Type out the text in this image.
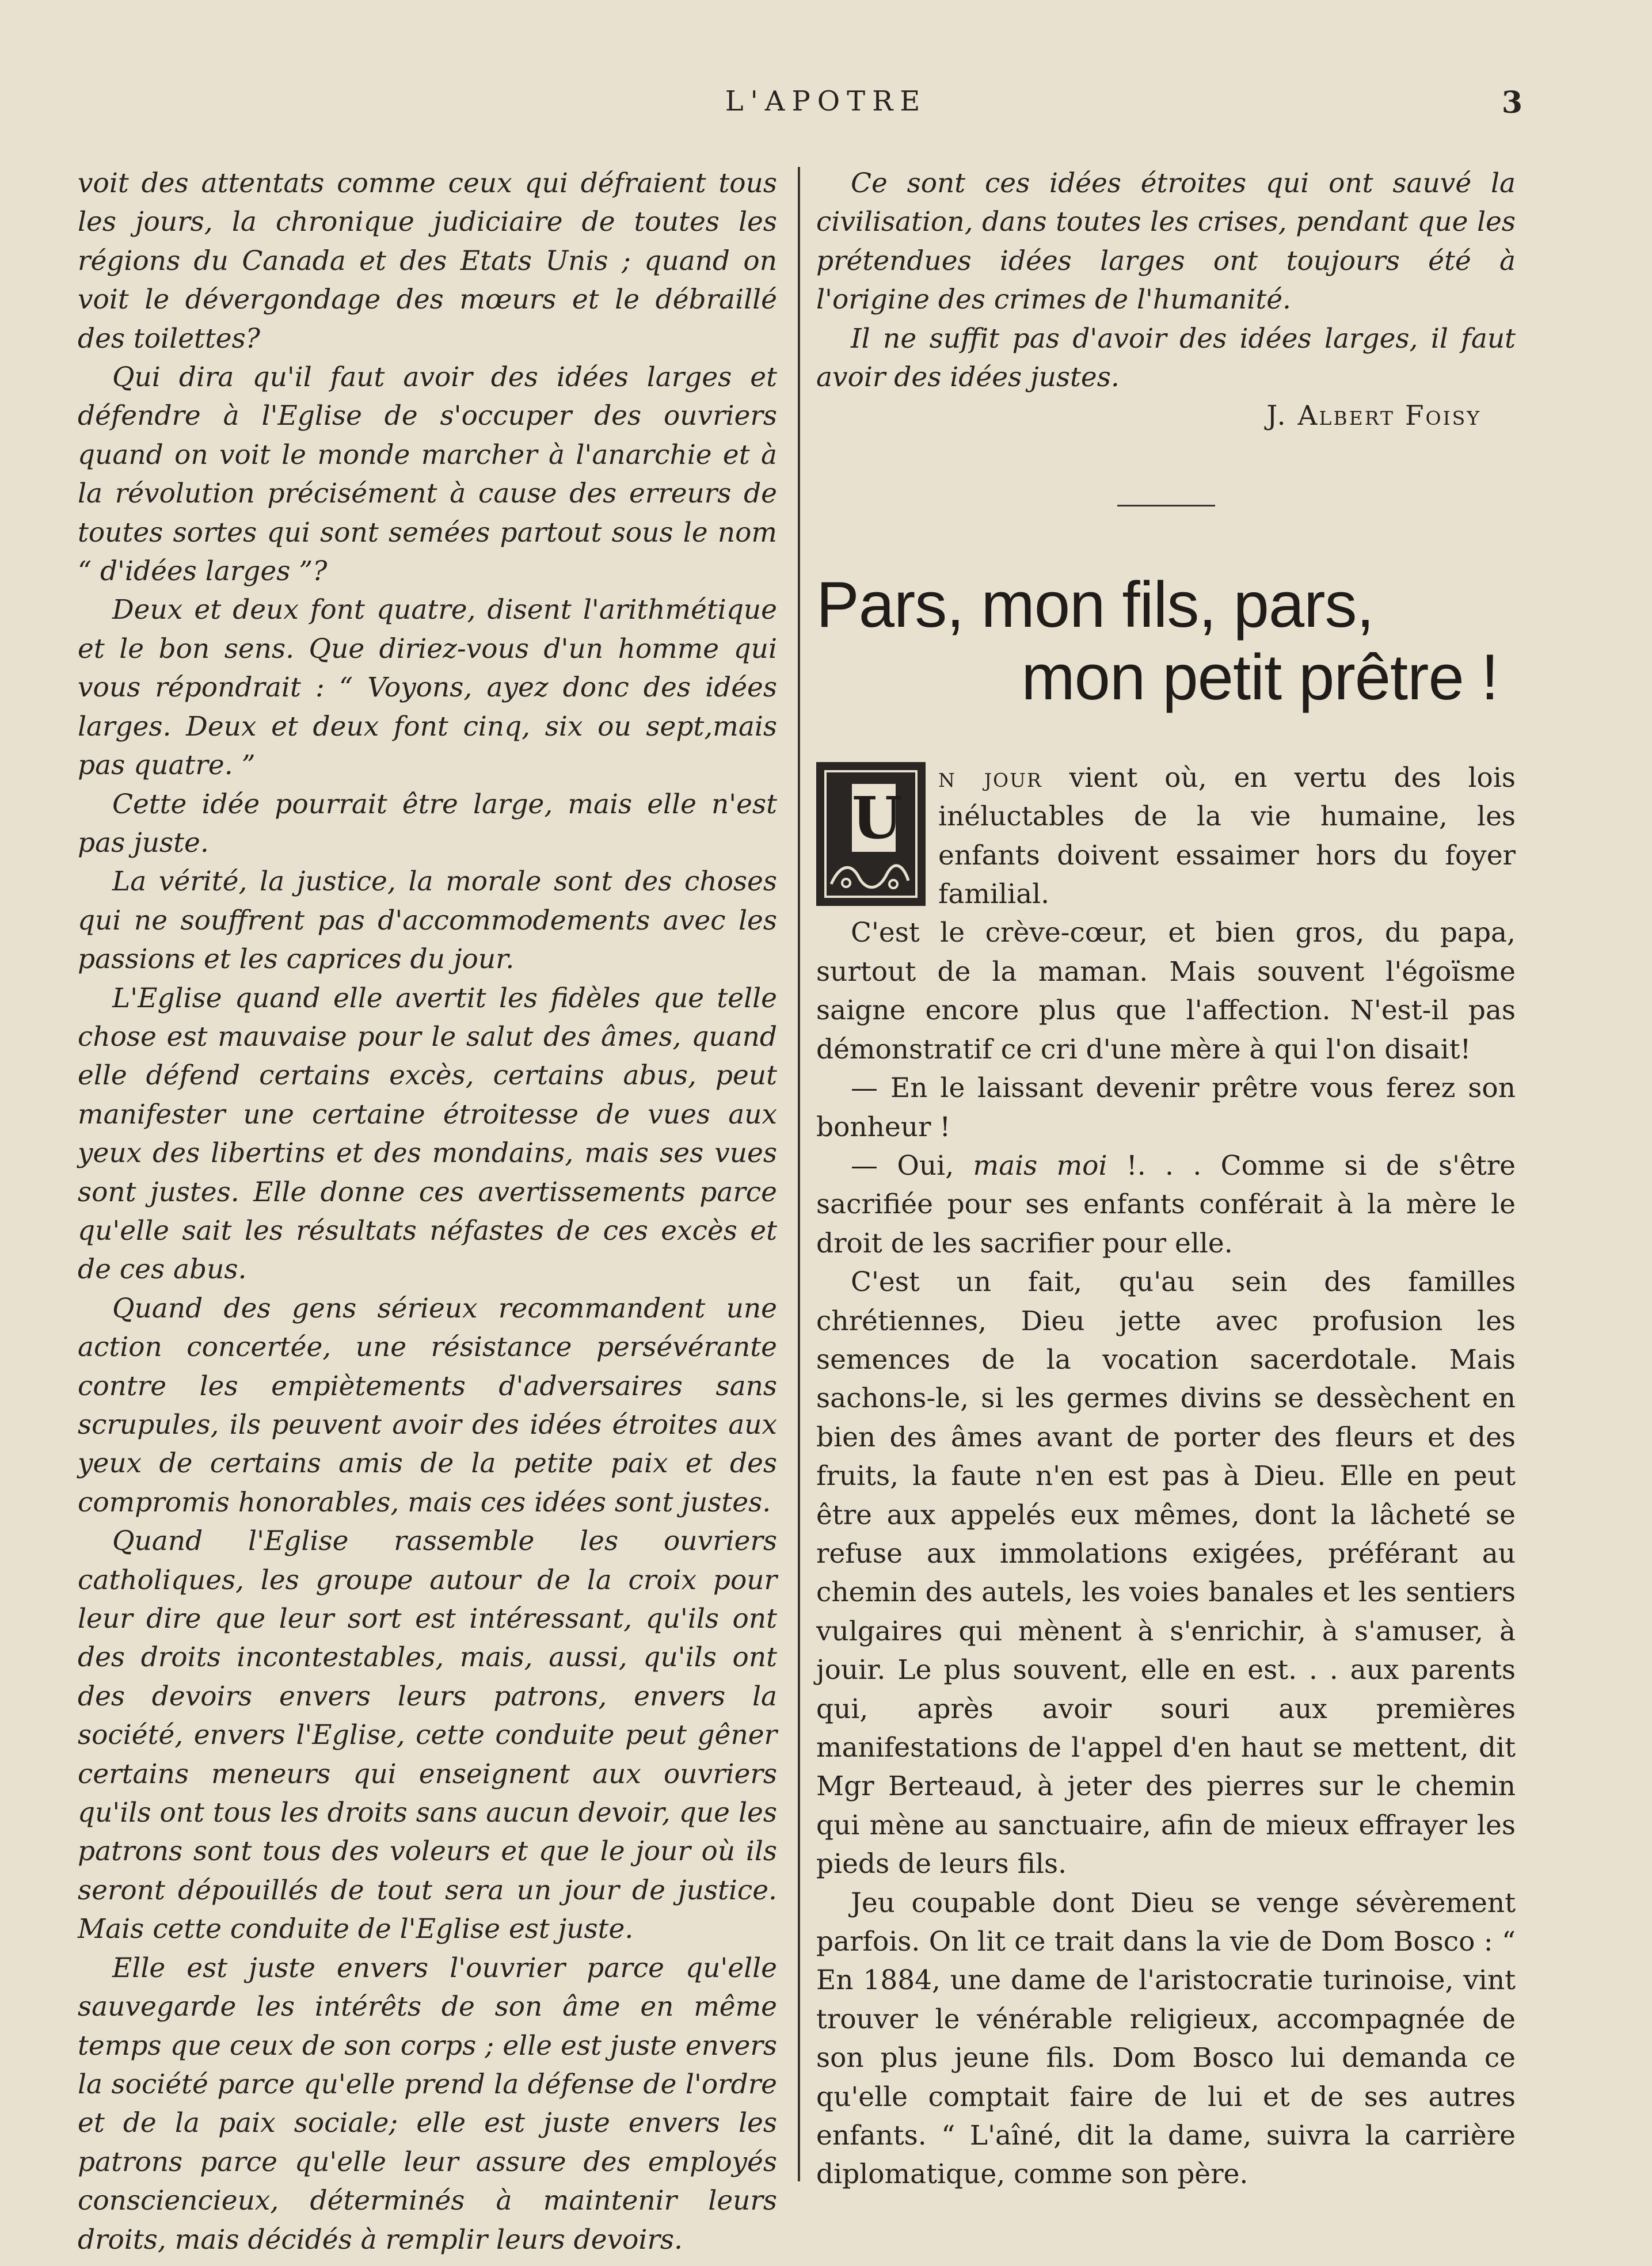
L'APOTRE	3

voit des attentats comme ceux qui défraient tous les jours, la chronique judiciaire de toutes les régions du Canada et des Etats Unis ; quand on voit le dévergondage des mœurs et le débraillé des toilettes?

Qui dira qu'il faut avoir des idées larges et défendre à l'Eglise de s'occuper des ouvriers quand on voit le monde marcher à l'anarchie et à la révolution précisément à cause des erreurs de toutes sortes qui sont semées partout sous le nom “ d'idées larges ”?

Deux et deux font quatre, disent l'arithmétique et le bon sens. Que diriez-vous d'un homme qui vous répondrait : “ Voyons, ayez donc des idées larges. Deux et deux font cinq, six ou sept,mais pas quatre. ”

Cette idée pourrait être large, mais elle n'est pas juste.

La vérité, la justice, la morale sont des choses qui ne souffrent pas d'accommodements avec les passions et les caprices du jour.

L'Eglise quand elle avertit les fidèles que telle chose est mauvaise pour le salut des âmes, quand elle défend certains excès, certains abus, peut manifester une certaine étroitesse de vues aux yeux des libertins et des mondains, mais ses vues sont justes. Elle donne ces avertissements parce qu'elle sait les résultats néfastes de ces excès et de ces abus.

Quand des gens sérieux recommandent une action concertée, une résistance persévérante contre les empiètements d'adversaires sans scrupules, ils peuvent avoir des idées étroites aux yeux de certains amis de la petite paix et des compromis honorables, mais ces idées sont justes.

Quand l'Eglise rassemble les ouvriers catholiques, les groupe autour de la croix pour leur dire que leur sort est intéressant, qu'ils ont des droits incontestables, mais, aussi, qu'ils ont des devoirs envers leurs patrons, envers la société, envers l'Eglise, cette conduite peut gêner certains meneurs qui enseignent aux ouvriers qu'ils ont tous les droits sans aucun devoir, que les patrons sont tous des voleurs et que le jour où ils seront dépouillés de tout sera un jour de justice. Mais cette conduite de l'Eglise est juste.

Elle est juste envers l'ouvrier parce qu'elle sauvegarde les intérêts de son âme en même temps que ceux de son corps ; elle est juste envers la société parce qu'elle prend la défense de l'ordre et de la paix sociale; elle est juste envers les patrons parce qu'elle leur assure des employés consciencieux, déterminés à maintenir leurs droits, mais décidés à remplir leurs devoirs.

Ce sont ces idées étroites qui ont sauvé la civilisation, dans toutes les crises, pendant que les prétendues idées larges ont toujours été à l'origine des crimes de l'humanité.

Il ne suffit pas d'avoir des idées larges, il faut avoir des idées justes.

J. Albert Foisy

Pars, mon fils, pars,
mon petit prêtre !
U

n jour vient où, en vertu des lois inéluctables de la vie humaine, les enfants doivent essaimer hors du foyer familial.

C'est le crève-cœur, et bien gros, du papa, surtout de la maman. Mais souvent l'égoïsme saigne encore plus que l'affection. N'est-il pas démonstratif ce cri d'une mère à qui l'on disait!

— En le laissant devenir prêtre vous ferez son bonheur !

— Oui, mais moi !. . . Comme si de s'être sacrifiée pour ses enfants conférait à la mère le droit de les sacrifier pour elle.

C'est un fait, qu'au sein des familles chrétiennes, Dieu jette avec profusion les semences de la vocation sacerdotale. Mais sachons-le, si les germes divins se dessèchent en bien des âmes avant de porter des fleurs et des fruits, la faute n'en est pas à Dieu. Elle en peut être aux appelés eux mêmes, dont la lâcheté se refuse aux immolations exigées, préférant au chemin des autels, les voies banales et les sentiers vulgaires qui mènent à s'enrichir, à s'amuser, à jouir. Le plus souvent, elle en est. . . aux parents qui, après avoir souri aux premières manifestations de l'appel d'en haut se mettent, dit Mgr Berteaud, à jeter des pierres sur le chemin qui mène au sanctuaire, afin de mieux effrayer les pieds de leurs fils.

Jeu coupable dont Dieu se venge sévèrement parfois. On lit ce trait dans la vie de Dom Bosco : “ En 1884, une dame de l'aristocratie turinoise, vint trouver le vénérable religieux, accompagnée de son plus jeune fils. Dom Bosco lui demanda ce qu'elle comptait faire de lui et de ses autres enfants. “ L'aîné, dit la dame, suivra la carrière diplomatique, comme son père.
